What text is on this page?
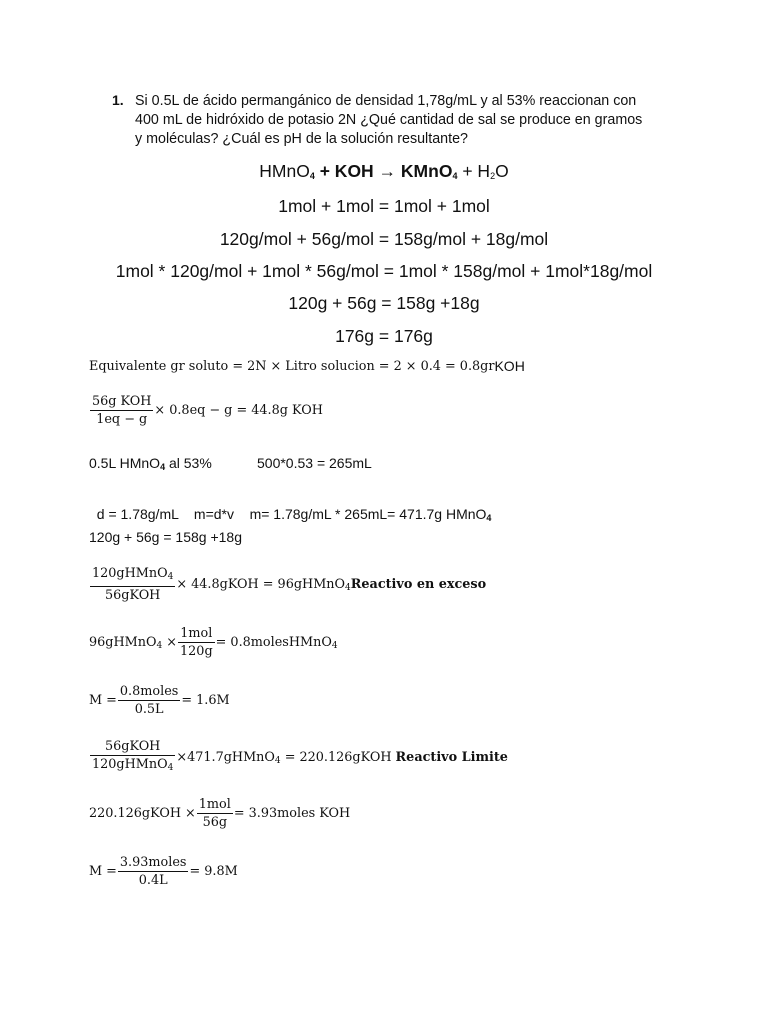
1. Si 0.5L de ácido permangánico de densidad 1,78g/mL y al 53% reaccionan con
400 mL de hidróxido de potasio 2N ¿Qué cantidad de sal se produce en gramos
y moléculas? ¿Cuál es pH de la solución resultante?
HMnO$_4$ + KOH → KMnO$_4$ + $H_2O$
1mol + 1mol = 1mol + 1mol
120g/mol + 56g/mol = 158g/mol + 18g/mol
1mol * 120g/mol + 1mol * 56g/mol = 1mol * 158g/mol + 1mol*18g/mol
120g + 56g = 158g +18g
176g = 176g
Equivalente gr soluto = 2N × Litro solucion = 2 × 0.4 = 0.8gr KOH
$\frac{\text{56g KOH}}{1eq - g} \times 0.8eq - g = 44.8g$ KOH
0.5L HMnO$_4$ al 53%	500*0.53 = 265mL

d = 1.78g/mL    m=d*v    m= 1.78g/mL * 265mL= 471.7g HMnO$_4$

120g + 56g = 158g +18g
$\frac{120gHMnO_4}{\text{56gKOH}}$ × 44.8gKOH = 96gHMnO$_4$ Reactivo en exceso
96gHMnO$_4$ × $\frac{\text{1mol}}{120g}$ = 0.8molesHMnO$_4$
$M = \frac{\text{0.8moles}}{0.5L} = 1.6M$
$\frac{\text{56gKOH}}{120gHMnO_4}$ ×471.7gHMnO$_4$ = 220.126gKOH Reactivo Limite
220.126gKOH × $\frac{\text{1mol}}{56g}$ = 3.93moles KOH
$M = \frac{\text{3.93moles}}{0.4L} = 9.8M$
